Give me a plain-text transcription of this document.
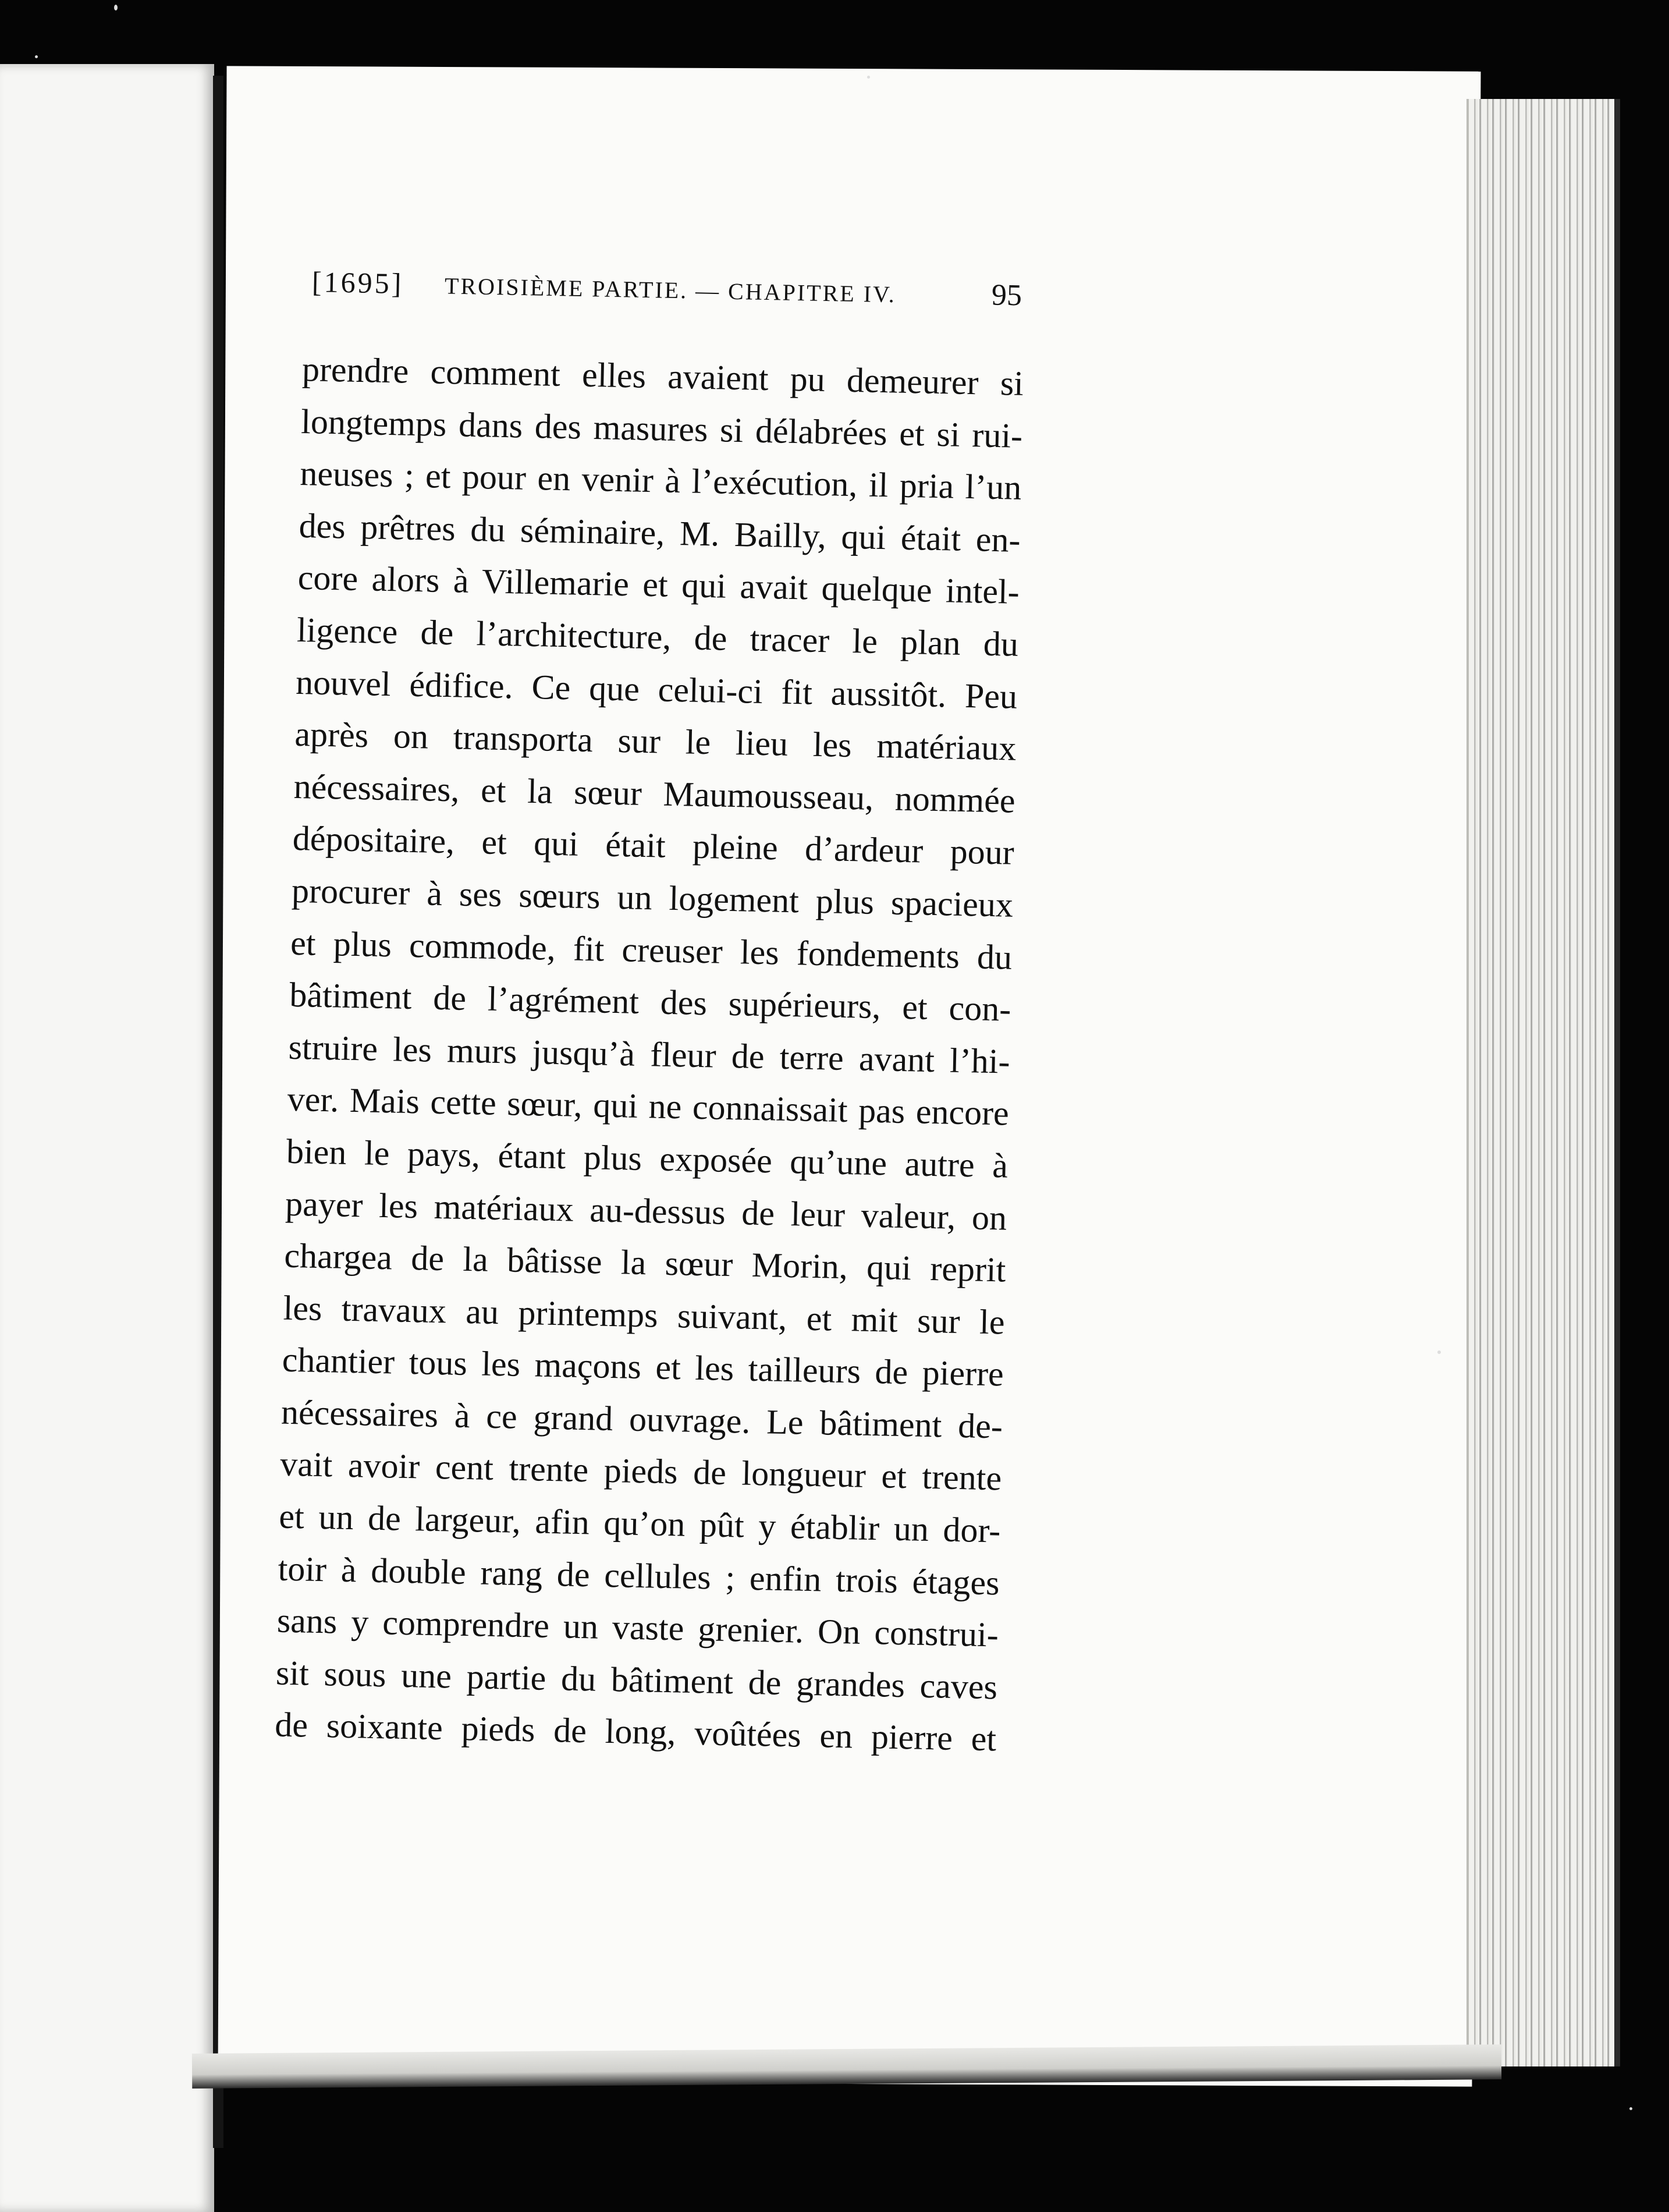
[1695] TROISIÈME PARTIE. — CHAPITRE IV.	95
prendre comment elles avaient pu demeurer si
longtemps dans des masures si délabrées et si rui-
neuses ; et pour en venir à l’exécution, il pria l’un
des prêtres du séminaire, M. Bailly, qui était en-
core alors à Villemarie et qui avait quelque intel-
ligence de l’architecture, de tracer le plan du
nouvel édifice. Ce que celui-ci fit aussitôt. Peu
après on transporta sur le lieu les matériaux
nécessaires, et la sœur Maumousseau, nommée
dépositaire, et qui était pleine d’ardeur pour
procurer à ses sœurs un logement plus spacieux
et plus commode, fit creuser les fondements du
bâtiment de l’agrément des supérieurs, et con-
struire les murs jusqu’à fleur de terre avant l’hi-
ver. Mais cette sœur, qui ne connaissait pas encore
bien le pays, étant plus exposée qu’une autre à
payer les matériaux au-dessus de leur valeur, on
chargea de la bâtisse la sœur Morin, qui reprit
les travaux au printemps suivant, et mit sur le
chantier tous les maçons et les tailleurs de pierre
nécessaires à ce grand ouvrage. Le bâtiment de-
vait avoir cent trente pieds de longueur et trente
et un de largeur, afin qu’on pût y établir un dor-
toir à double rang de cellules ; enfin trois étages
sans y comprendre un vaste grenier. On construi-
sit sous une partie du bâtiment de grandes caves
de soixante pieds de long, voûtées en pierre et
